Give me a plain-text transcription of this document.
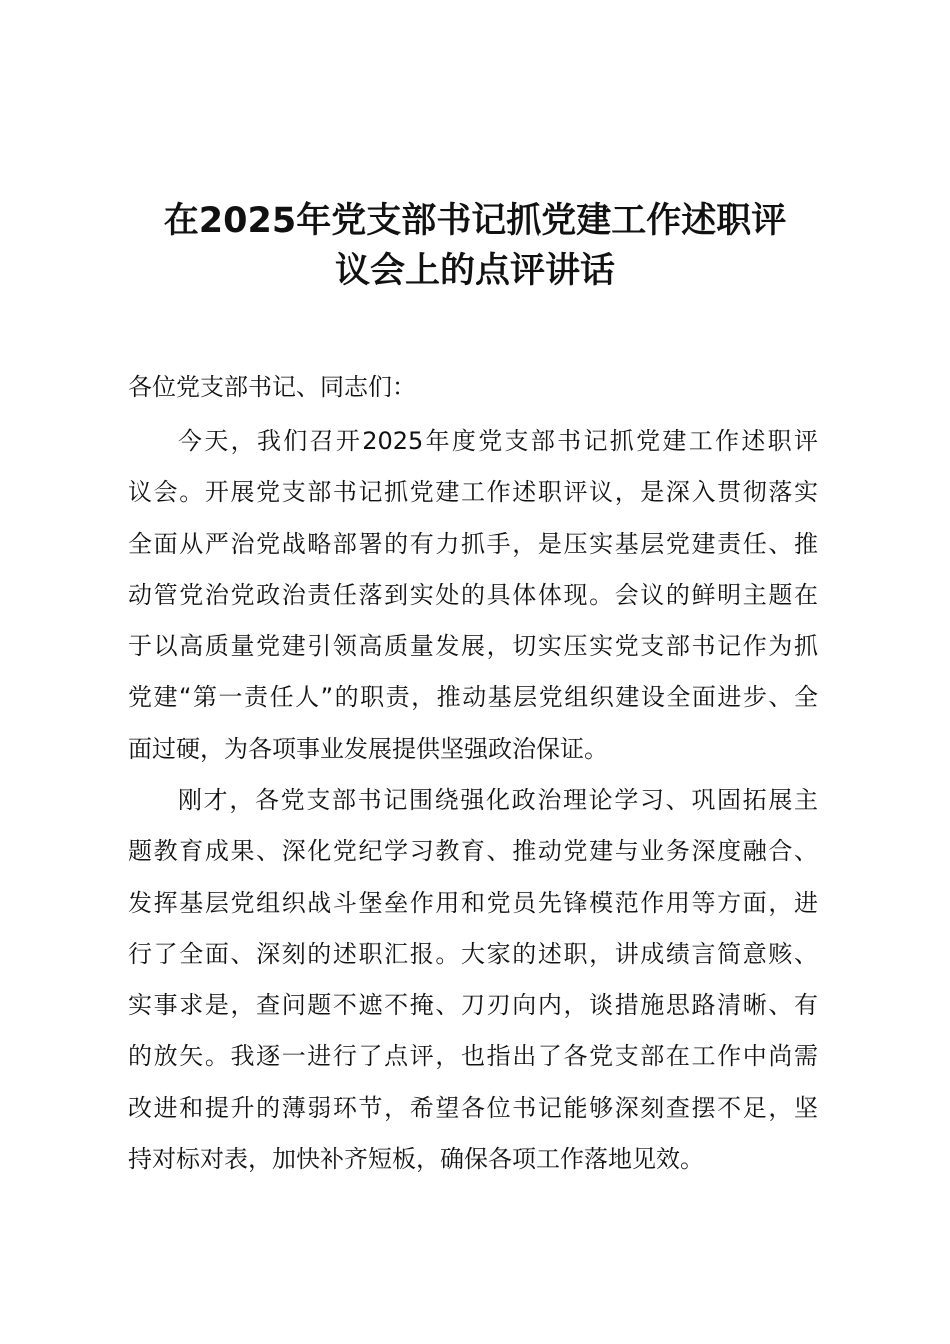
在2025年党支部书记抓党建工作述职评
议会上的点评讲话
各位党支部书记、同志们：
今天，我们召开2025年度党支部书记抓党建工作述职评
议会。开展党支部书记抓党建工作述职评议，是深入贯彻落实
全面从严治党战略部署的有力抓手，是压实基层党建责任、推
动管党治党政治责任落到实处的具体体现。会议的鲜明主题在
于以高质量党建引领高质量发展，切实压实党支部书记作为抓
党建“第一责任人”的职责，推动基层党组织建设全面进步、全
面过硬，为各项事业发展提供坚强政治保证。
刚才，各党支部书记围绕强化政治理论学习、巩固拓展主
题教育成果、深化党纪学习教育、推动党建与业务深度融合、
发挥基层党组织战斗堡垒作用和党员先锋模范作用等方面，进
行了全面、深刻的述职汇报。大家的述职，讲成绩言简意赅、
实事求是，查问题不遮不掩、刀刃向内，谈措施思路清晰、有
的放矢。我逐一进行了点评，也指出了各党支部在工作中尚需
改进和提升的薄弱环节，希望各位书记能够深刻查摆不足，坚
持对标对表，加快补齐短板，确保各项工作落地见效。
